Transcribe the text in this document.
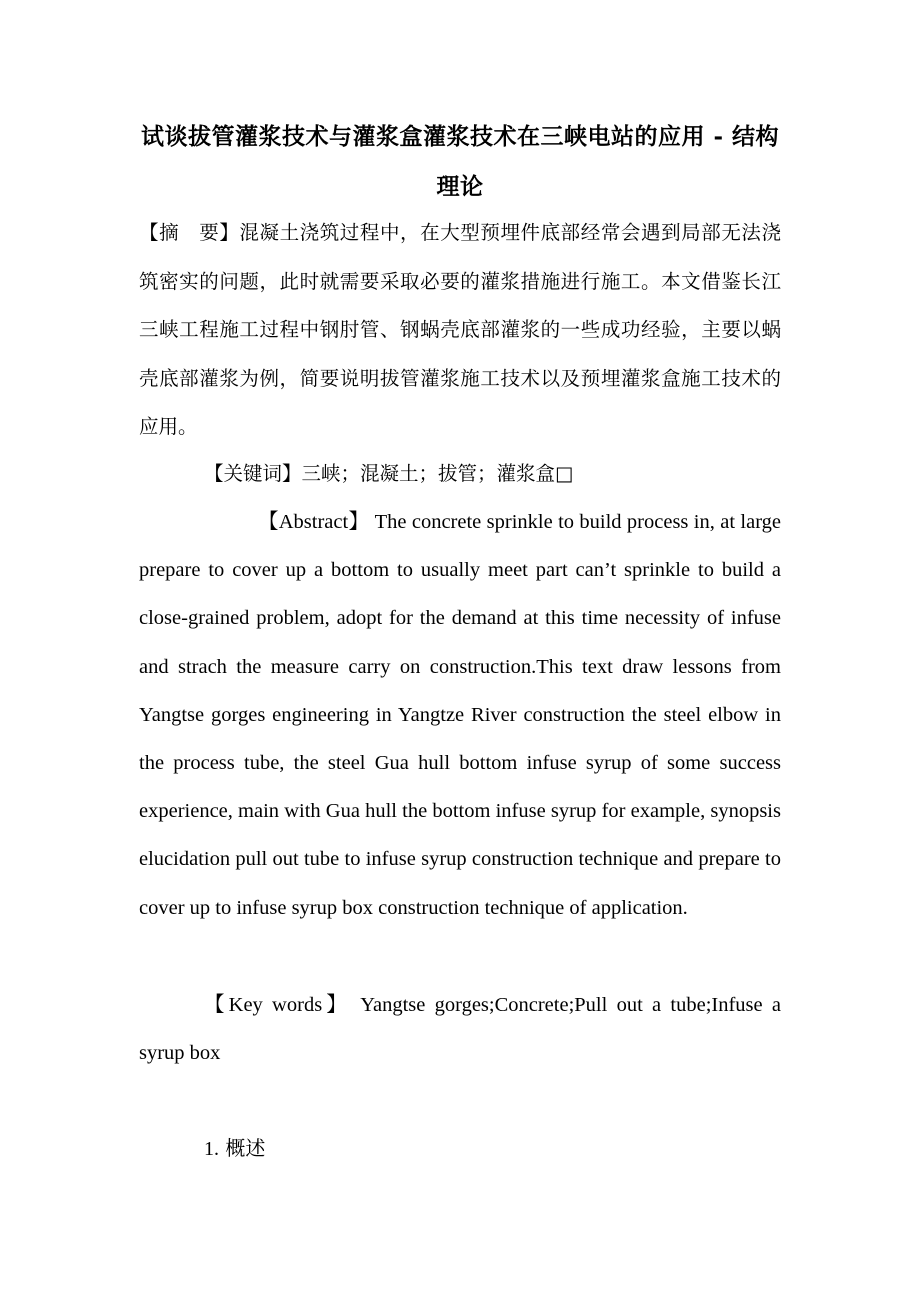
试谈拔管灌浆技术与灌浆盒灌浆技术在三峡电站的应用 - 结构理论
【摘　要】混凝土浇筑过程中，在大型预埋件底部经常会遇到局部无法浇筑密实的问题，此时就需要采取必要的灌浆措施进行施工。本文借鉴长江三峡工程施工过程中钢肘管、钢蜗壳底部灌浆的一些成功经验，主要以蜗壳底部灌浆为例，简要说明拔管灌浆施工技术以及预埋灌浆盒施工技术的应用。
【关键词】三峡；混凝土；拔管；灌浆盒□
【Abstract】 The concrete sprinkle to build process in, at large prepare to cover up a bottom to usually meet part can’t sprinkle to build a close-grained problem, adopt for the demand at this time necessity of infuse and strach the measure carry on construction.This text draw lessons from Yangtse gorges engineering in Yangtze River construction the steel elbow in the process tube, the steel Gua hull bottom infuse syrup of some success experience, main with Gua hull the bottom infuse syrup for example, synopsis elucidation pull out tube to infuse syrup construction technique and prepare to cover up to infuse syrup box construction technique of application.
【Key words】 Yangtse gorges;Concrete;Pull out a tube;Infuse a syrup box
1. 概述
